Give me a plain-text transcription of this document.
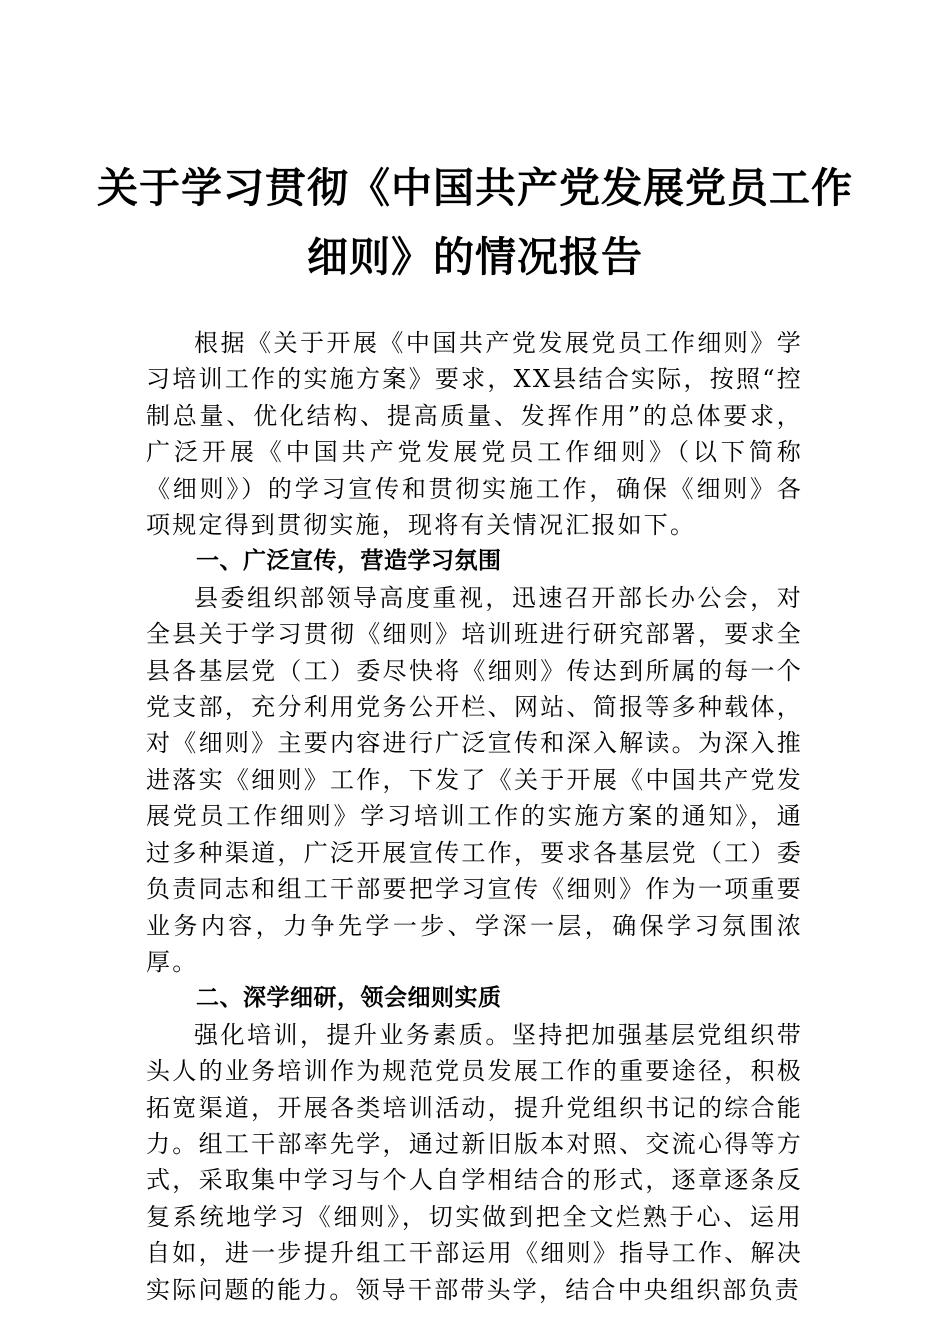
关于学习贯彻《中国共产党发展党员工作
细则》的情况报告

根据《关于开展《中国共产党发展党员工作细则》学习培训工作的实施方案》要求，XX县结合实际，按照“控制总量、优化结构、提高质量、发挥作用”的总体要求，广泛开展《中国共产党发展党员工作细则》（以下简称《细则》）的学习宣传和贯彻实施工作，确保《细则》各项规定得到贯彻实施，现将有关情况汇报如下。

一、广泛宣传，营造学习氛围

县委组织部领导高度重视，迅速召开部长办公会，对全县关于学习贯彻《细则》培训班进行研究部署，要求全县各基层党（工）委尽快将《细则》传达到所属的每一个党支部，充分利用党务公开栏、网站、简报等多种载体，对《细则》主要内容进行广泛宣传和深入解读。为深入推进落实《细则》工作，下发了《关于开展《中国共产党发展党员工作细则》学习培训工作的实施方案的通知》，通过多种渠道，广泛开展宣传工作，要求各基层党（工）委负责同志和组工干部要把学习宣传《细则》作为一项重要业务内容，力争先学一步、学深一层，确保学习氛围浓厚。

二、深学细研，领会细则实质

强化培训，提升业务素质。坚持把加强基层党组织带头人的业务培训作为规范党员发展工作的重要途径，积极拓宽渠道，开展各类培训活动，提升党组织书记的综合能力。组工干部率先学，通过新旧版本对照、交流心得等方式，采取集中学习与个人自学相结合的形式，逐章逐条反复系统地学习《细则》，切实做到把全文烂熟于心、运用自如，进一步提升组工干部运用《细则》指导工作、解决实际问题的能力。领导干部带头学，结合中央组织部负责
